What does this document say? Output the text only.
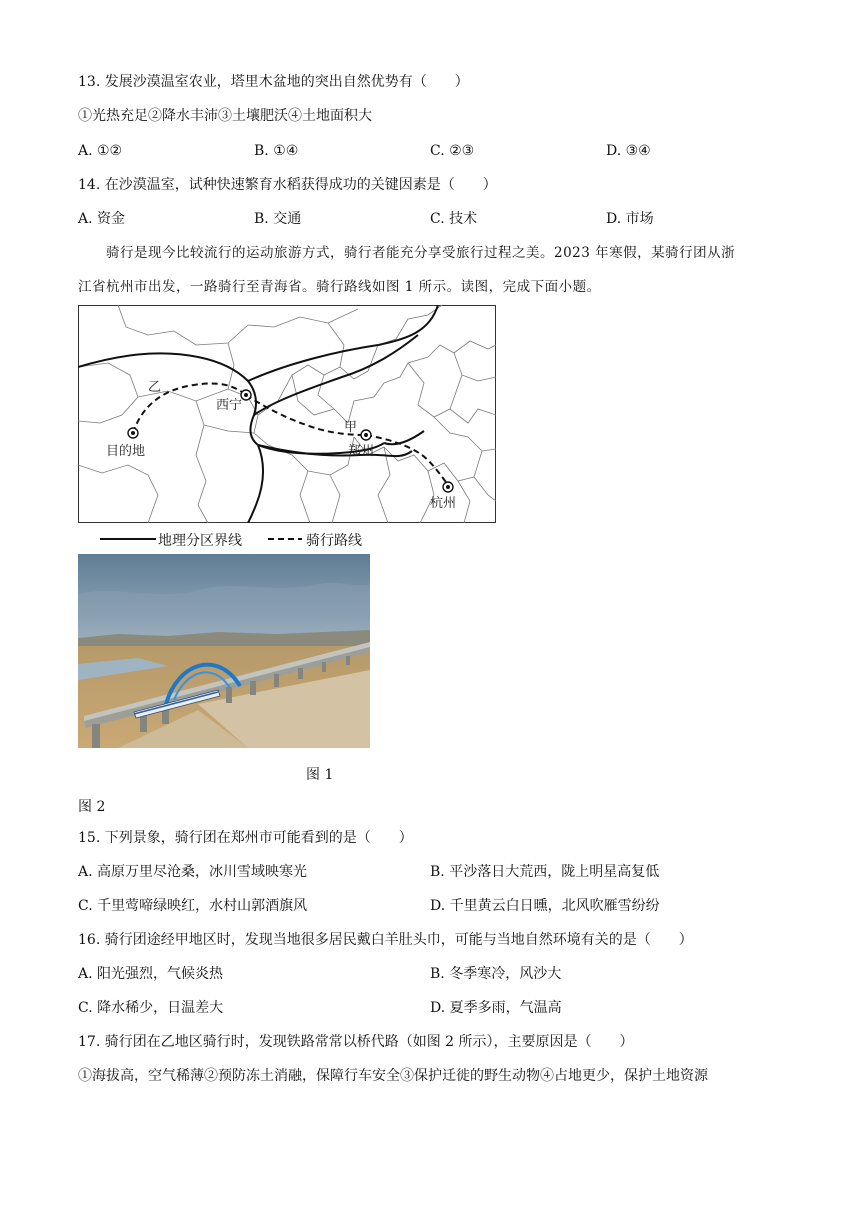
13. 发展沙漠温室农业，塔里木盆地的突出自然优势有（　　）
①光热充足②降水丰沛③土壤肥沃④土地面积大
A. ①②	B. ①④	C. ②③	D. ③④
14. 在沙漠温室，试种快速繁育水稻获得成功的关键因素是（　　）
A. 资金	B. 交通	C. 技术	D. 市场
骑行是现今比较流行的运动旅游方式，骑行者能充分享受旅行过程之美。2023 年寒假，某骑行团从浙
江省杭州市出发，一路骑行至青海省。骑行路线如图 1 所示。读图，完成下面小题。
乙
西宁
甲
郑州
目的地
杭州
地理分区界线	骑行路线
图 1
图 2
15. 下列景象，骑行团在郑州市可能看到的是（　　）
A. 高原万里尽沧桑，冰川雪域映寒光	B. 平沙落日大荒西，陇上明星高复低
C. 千里莺啼绿映红，水村山郭酒旗风	D. 千里黄云白日曛，北风吹雁雪纷纷
16. 骑行团途经甲地区时，发现当地很多居民戴白羊肚头巾，可能与当地自然环境有关的是（　　）
A. 阳光强烈，气候炎热	B. 冬季寒冷，风沙大
C. 降水稀少，日温差大	D. 夏季多雨，气温高
17. 骑行团在乙地区骑行时，发现铁路常常以桥代路（如图 2 所示），主要原因是（　　）
①海拔高，空气稀薄②预防冻土消融，保障行车安全③保护迁徙的野生动物④占地更少，保护土地资源
